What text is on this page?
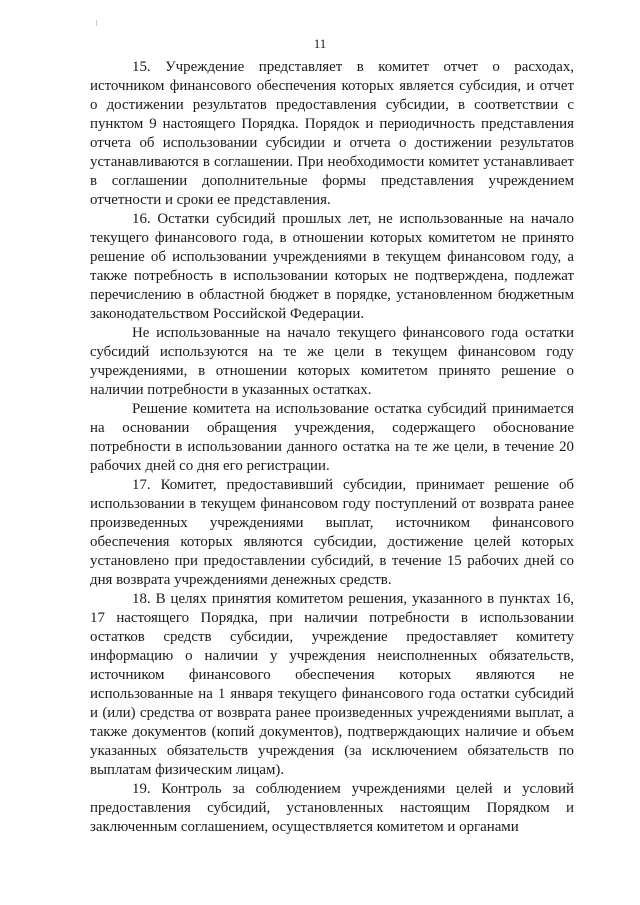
11

15. Учреждение представляет в комитет отчет о расходах, источником финансового обеспечения которых является субсидия, и отчет о достижении результатов предоставления субсидии, в соответствии с пунктом 9 настоящего Порядка. Порядок и периодичность представления отчета об использовании субсидии и отчета о достижении результатов устанавливаются в соглашении. При необходимости комитет устанавливает в соглашении дополнительные формы представления учреждением отчетности и сроки ее представления.

16. Остатки субсидий прошлых лет, не использованные на начало текущего финансового года, в отношении которых комитетом не принято решение об использовании учреждениями в текущем финансовом году, а также потребность в использовании которых не подтверждена, подлежат перечислению в областной бюджет в порядке, установленном бюджетным законодательством Российской Федерации.

Не использованные на начало текущего финансового года остатки субсидий используются на те же цели в текущем финансовом году учреждениями, в отношении которых комитетом принято решение о наличии потребности в указанных остатках.

Решение комитета на использование остатка субсидий принимается на основании обращения учреждения, содержащего обоснование потребности в использовании данного остатка на те же цели, в течение 20 рабочих дней со дня его регистрации.

17. Комитет, предоставивший субсидии, принимает решение об использовании в текущем финансовом году поступлений от возврата ранее произведенных учреждениями выплат, источником финансового обеспечения которых являются субсидии, достижение целей которых установлено при предоставлении субсидий, в течение 15 рабочих дней со дня возврата учреждениями денежных средств.

18. В целях принятия комитетом решения, указанного в пунктах 16, 17 настоящего Порядка, при наличии потребности в использовании остатков средств субсидии, учреждение предоставляет комитету информацию о наличии у учреждения неисполненных обязательств, источником финансового обеспечения которых являются не использованные на 1 января текущего финансового года остатки субсидий и (или) средства от возврата ранее произведенных учреждениями выплат, а также документов (копий документов), подтверждающих наличие и объем указанных обязательств учреждения (за исключением обязательств по выплатам физическим лицам).

19. Контроль за соблюдением учреждениями целей и условий предоставления субсидий, установленных настоящим Порядком и заключенным соглашением, осуществляется комитетом и органами
